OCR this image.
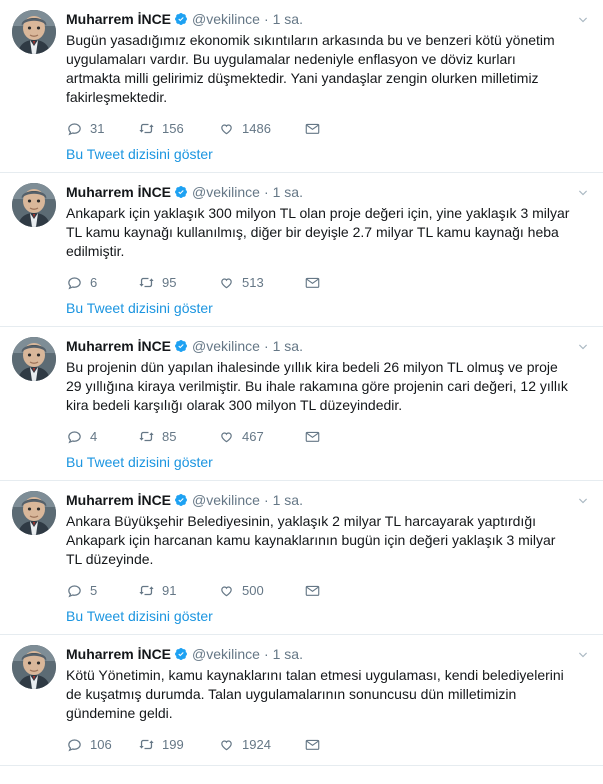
Muharrem İNCE @vekilince · 1 sa.
Bugün yasadığımız ekonomik sıkıntıların arkasında bu ve benzeri kötü yönetim uygulamaları vardır. Bu uygulamalar nedeniyle enflasyon ve döviz kurları artmakta milli gelirimiz düşmektedir. Yani yandaşlar zengin olurken milletimiz fakirleşmektedir.
31	156	1486
Bu Tweet dizisini göster
Muharrem İNCE @vekilince · 1 sa.
Ankapark için yaklaşık 300 milyon TL olan proje değeri için, yine yaklaşık 3 milyar TL kamu kaynağı kullanılmış, diğer bir deyişle 2.7 milyar TL kamu kaynağı heba edilmiştir.
6	95	513
Bu Tweet dizisini göster
Muharrem İNCE @vekilince · 1 sa.
Bu projenin dün yapılan ihalesinde yıllık kira bedeli 26 milyon TL olmuş ve proje 29 yıllığına kiraya verilmiştir. Bu ihale rakamına göre projenin cari değeri, 12 yıllık kira bedeli karşılığı olarak 300 milyon TL düzeyindedir.
4	85	467
Bu Tweet dizisini göster
Muharrem İNCE @vekilince · 1 sa.
Ankara Büyükşehir Belediyesinin, yaklaşık 2 milyar TL harcayarak yaptırdığı Ankapark için harcanan kamu kaynaklarının bugün için değeri yaklaşık 3 milyar TL düzeyinde.
5	91	500
Bu Tweet dizisini göster
Muharrem İNCE @vekilince · 1 sa.
Kötü Yönetimin, kamu kaynaklarını talan etmesi uygulaması, kendi belediyelerini de kuşatmış durumda. Talan uygulamalarının sonuncusu dün milletimizin gündemine geldi.
106	199	1924
